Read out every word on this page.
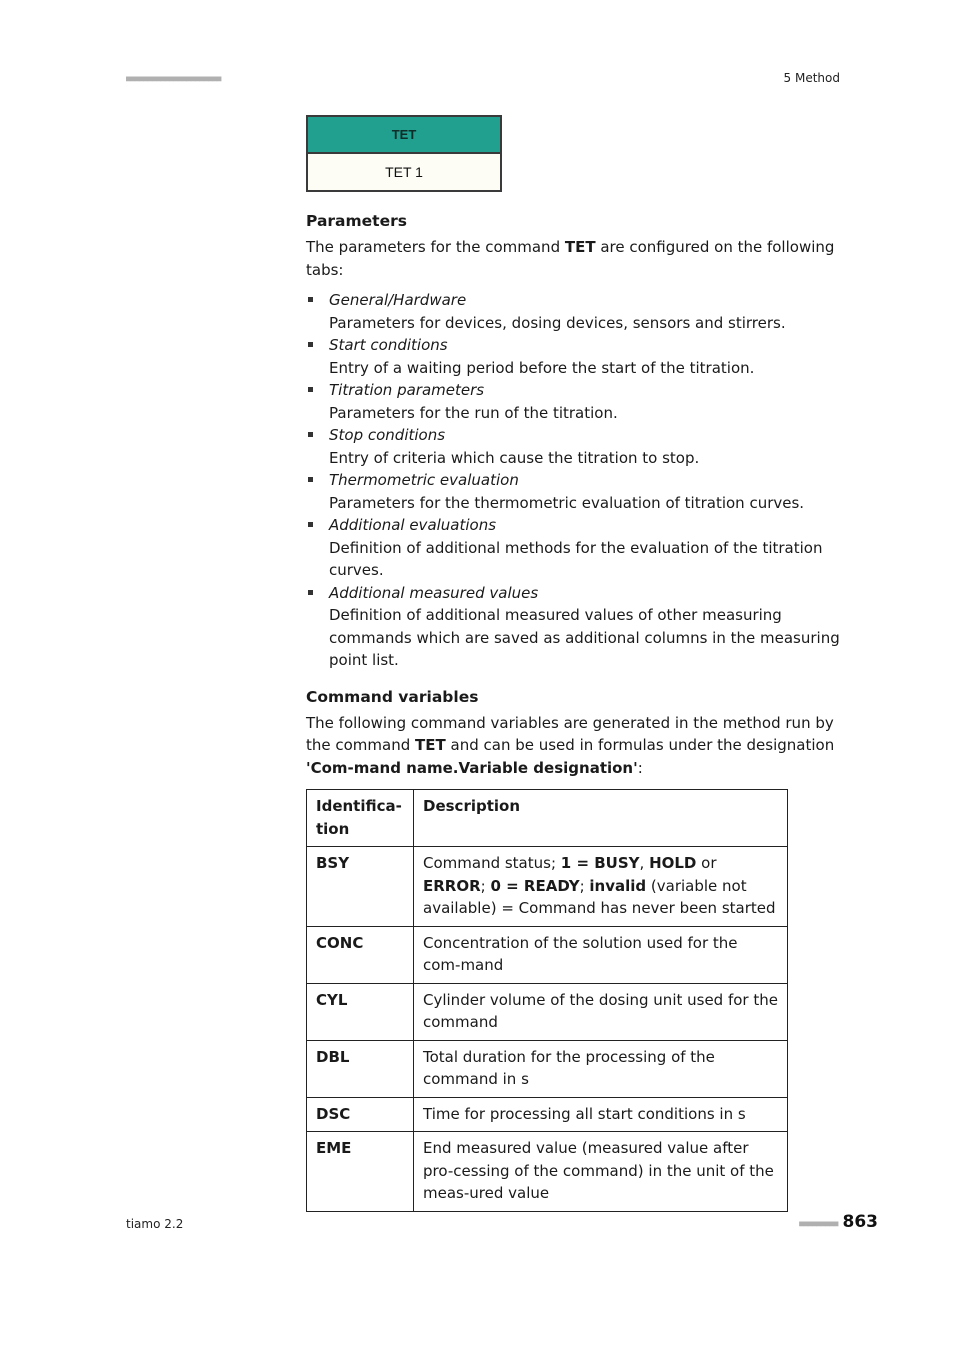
■■■■■■■■■■■■■■■■■■■■■■	5 Method
TET
TET 1
Parameters

The parameters for the command TET are configured on the following tabs:

General/Hardware
Parameters for devices, dosing devices, sensors and stirrers.
Start conditions
Entry of a waiting period before the start of the titration.
Titration parameters
Parameters for the run of the titration.
Stop conditions
Entry of criteria which cause the titration to stop.
Thermometric evaluation
Parameters for the thermometric evaluation of titration curves.
Additional evaluations
Definition of additional methods for the evaluation of the titration curves.
Additional measured values
Definition of additional measured values of other measuring commands which are saved as additional columns in the measuring point list.
Command variables

The following command variables are generated in the method run by the command TET and can be used in formulas under the designation 'Com-mand name.Variable designation':

Identifica-tion	Description
BSY	Command status; 1 = BUSY, HOLD or ERROR; 0 = READY; invalid (variable not available) = Command has never been started
CONC	Concentration of the solution used for the com-mand
CYL	Cylinder volume of the dosing unit used for the command
DBL	Total duration for the processing of the command in s
DSC	Time for processing all start conditions in s
EME	End measured value (measured value after pro-cessing of the command) in the unit of the meas-ured value
tiamo 2.2	■■■■■■■■■ 863
